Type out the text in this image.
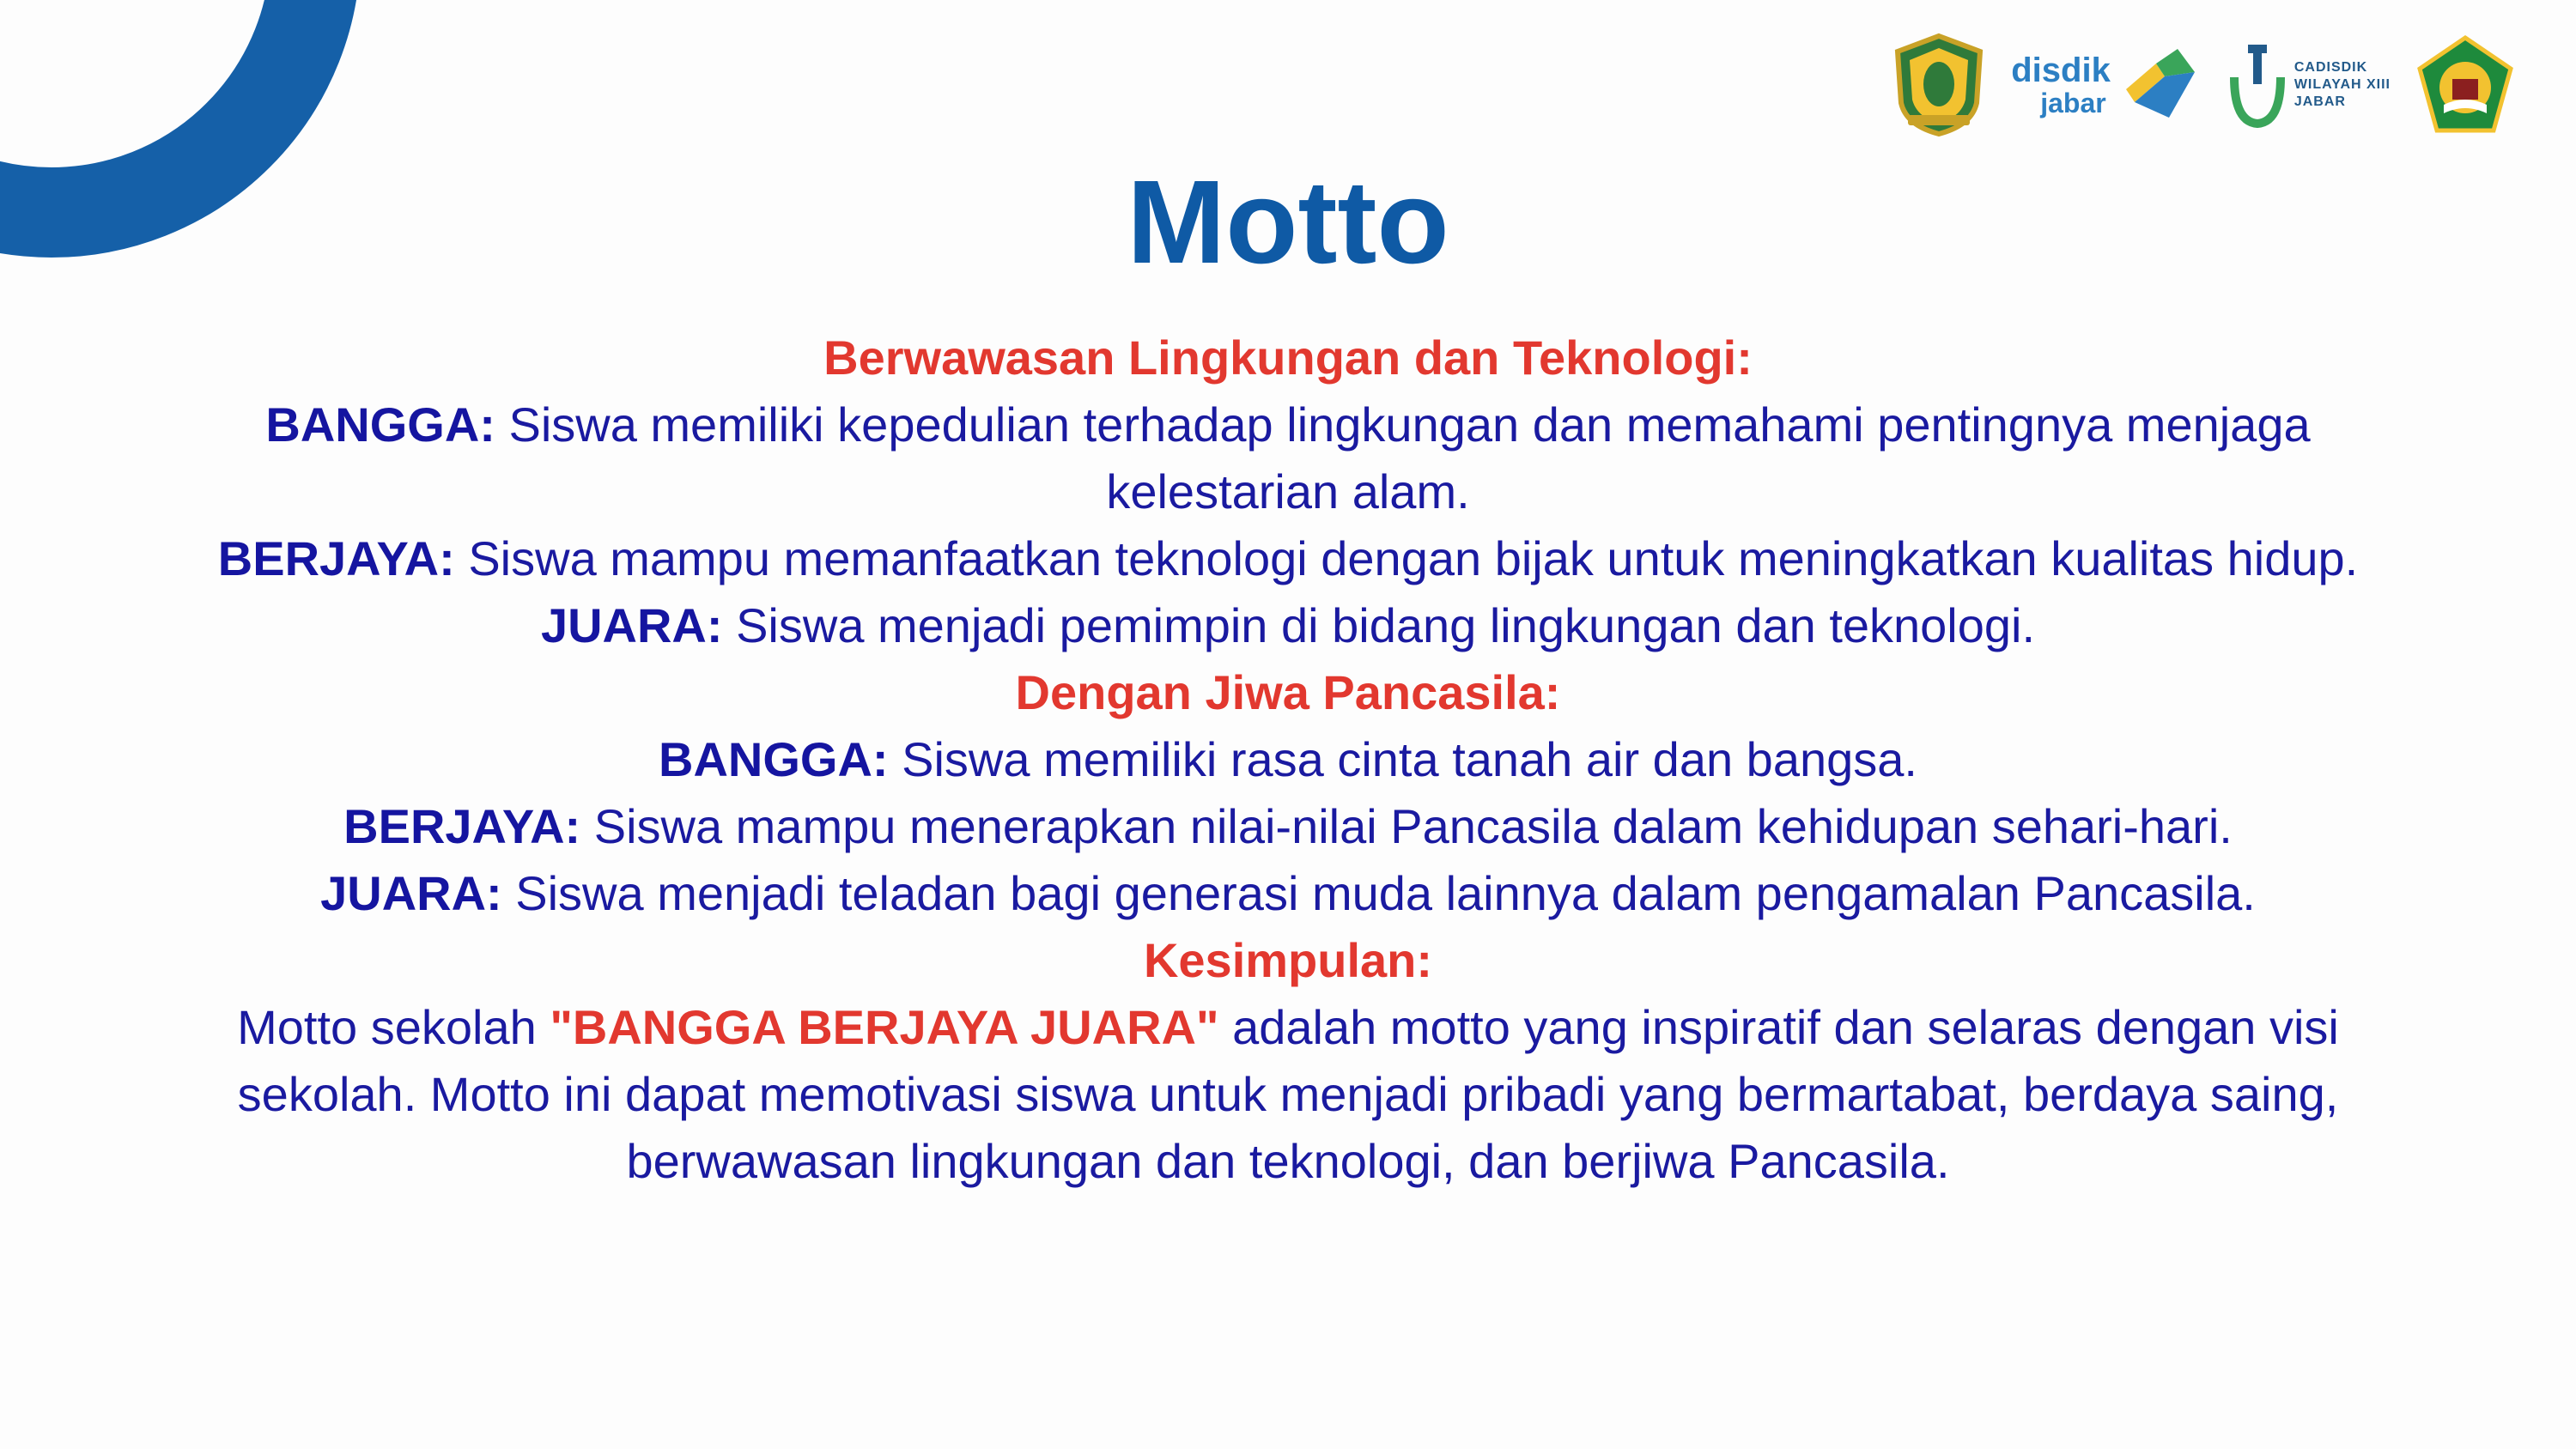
disdik
jabar
CADISDIK
WILAYAH XIII
JABAR
Motto

Berwawasan Lingkungan dan Teknologi:

BANGGA: Siswa memiliki kepedulian terhadap lingkungan dan memahami pentingnya menjaga kelestarian alam.

BERJAYA: Siswa mampu memanfaatkan teknologi dengan bijak untuk meningkatkan kualitas hidup.

JUARA: Siswa menjadi pemimpin di bidang lingkungan dan teknologi.

Dengan Jiwa Pancasila:

BANGGA: Siswa memiliki rasa cinta tanah air dan bangsa.

BERJAYA: Siswa mampu menerapkan nilai-nilai Pancasila dalam kehidupan sehari-hari.

JUARA: Siswa menjadi teladan bagi generasi muda lainnya dalam pengamalan Pancasila.

Kesimpulan:

Motto sekolah "BANGGA BERJAYA JUARA" adalah motto yang inspiratif dan selaras dengan visi sekolah. Motto ini dapat memotivasi siswa untuk menjadi pribadi yang bermartabat, berdaya saing, berwawasan lingkungan dan teknologi, dan berjiwa Pancasila.
